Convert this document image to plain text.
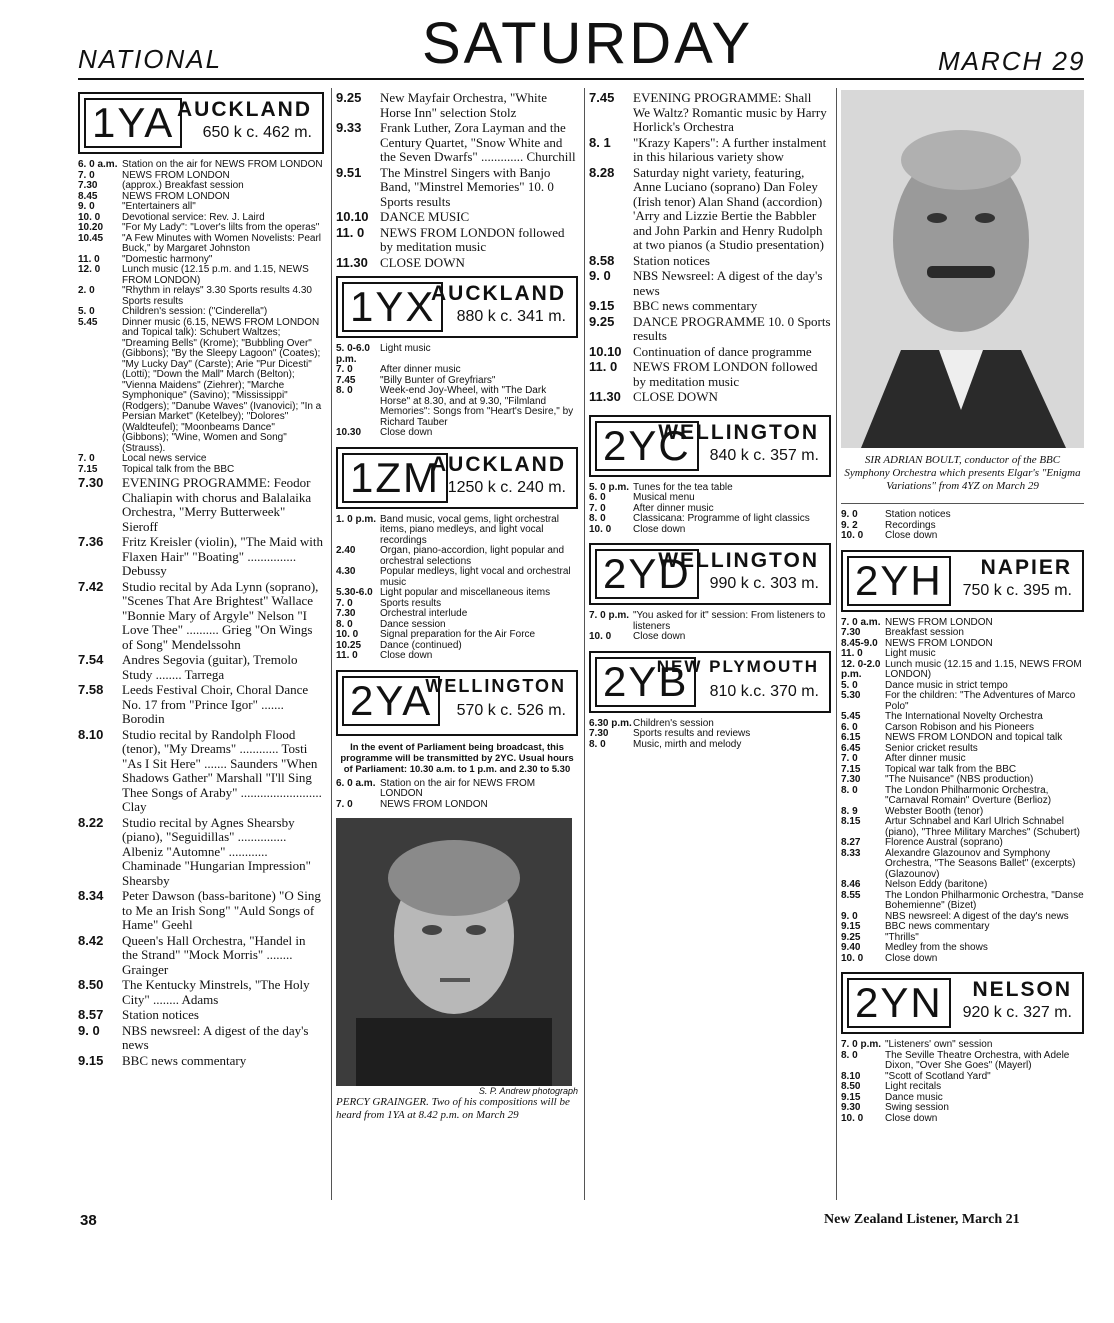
NATIONAL	SATURDAY	MARCH 29
1YA AUCKLAND
650 k c. 462 m.
6. 0 a.m. Station on the air for NEWS FROM LONDON
7. 0	NEWS FROM LONDON
7.30	(approx.) Breakfast session
8.45	NEWS FROM LONDON
9. 0	"Entertainers all"
10. 0	Devotional service: Rev. J. Laird
10.20	"For My Lady": "Lover's lilts from the operas"
10.45	"A Few Minutes with Women Novelists: Pearl Buck," by Margaret Johnston
11. 0	"Domestic harmony"
12. 0	Lunch music (12.15 p.m. and 1.15, NEWS FROM LONDON)
2. 0	"Rhythm in relays" 3.30 Sports results 4.30 Sports results
5. 0	Children's session: ("Cinderella")
5.45	Dinner music (6.15, NEWS FROM LONDON and Topical talk): Schubert Waltzes; "Dreaming Bells" (Krome); "Bubbling Over" (Gibbons); "By the Sleepy Lagoon" (Coates); "My Lucky Day" (Carste); Arie "Pur Dicesti" (Lotti); "Down the Mall" March (Belton); "Vienna Maidens" (Ziehrer); "Marche Symphonique" (Savino); "Mississippi" (Rodgers); "Danube Waves" (Ivanovici); "In a Persian Market" (Ketelbey); "Dolores" (Waldteufel); "Moonbeams Dance" (Gibbons); "Wine, Women and Song" (Strauss).
7. 0	Local news service
7.15	Topical talk from the BBC
7.30	EVENING PROGRAMME: Feodor Chaliapin with chorus and Balalaika Orchestra, "Merry Butterweek" Sieroff
7.36	Fritz Kreisler (violin), "The Maid with Flaxen Hair" "Boating" ............... Debussy
7.42	Studio recital by Ada Lynn (soprano), "Scenes That Are Brightest" Wallace "Bonnie Mary of Argyle" Nelson "I Love Thee" .......... Grieg "On Wings of Song" Mendelssohn
7.54	Andres Segovia (guitar), Tremolo Study ........ Tarrega
7.58	Leeds Festival Choir, Choral Dance No. 17 from "Prince Igor" ....... Borodin
8.10	Studio recital by Randolph Flood (tenor), "My Dreams" ............ Tosti "As I Sit Here" ....... Saunders "When Shadows Gather" Marshall "I'll Sing Thee Songs of Araby" ......................... Clay
8.22	Studio recital by Agnes Shearsby (piano), "Seguidillas" ............... Albeniz "Automne" ............ Chaminade "Hungarian Impression" Shearsby
8.34	Peter Dawson (bass-baritone) "O Sing to Me an Irish Song" "Auld Songs of Hame" Geehl
8.42	Queen's Hall Orchestra, "Handel in the Strand" "Mock Morris" ........ Grainger
8.50	The Kentucky Minstrels, "The Holy City" ........ Adams
8.57	Station notices
9. 0	NBS newsreel: A digest of the day's news
9.15	BBC news commentary
9.25	New Mayfair Orchestra, "White Horse Inn" selection Stolz
9.33	Frank Luther, Zora Layman and the Century Quartet, "Snow White and the Seven Dwarfs" ............. Churchill
9.51	The Minstrel Singers with Banjo Band, "Minstrel Memories" 10. 0 Sports results
10.10 DANCE MUSIC
11. 0	NEWS FROM LONDON followed by meditation music
11.30 CLOSE DOWN
1YX
AUCKLAND
880 k c. 341 m.
5. 0-6.0 p.m.
Light music
7. 0	After dinner music
7.45	"Billy Bunter of Greyfriars"
8. 0	Week-end Joy-Wheel, with "The Dark Horse" at 8.30, and at 9.30, "Filmland Memories": Songs from "Heart's Desire," by Richard Tauber
10.30	Close down
1ZM
AUCKLAND
1250 k c. 240 m.
1. 0 p.m. Band music, vocal gems, light orchestral items, piano medleys, and light vocal recordings
2.40	Organ, piano-accordion, light popular and orchestral selections
4.30	Popular medleys, light vocal and orchestral music
5.30-6.0 Light popular and miscellaneous items
7. 0	Sports results
7.30	Orchestral interlude
8. 0	Dance session
10. 0	Signal preparation for the Air Force
10.25	Dance (continued)
11. 0	Close down
2YA
WELLINGTON
570 k c. 526 m.
In the event of Parliament being broadcast, this programme will be transmitted by 2YC. Usual hours of Parliament: 10.30 a.m. to 1 p.m. and 2.30 to 5.30
6. 0 a.m. Station on the air for NEWS FROM LONDON
7. 0	NEWS FROM LONDON
S. P. Andrew photograph
PERCY GRAINGER. Two of his compositions will be heard from 1YA at 8.42 p.m. on March 29
7.45	EVENING PROGRAMME: Shall We Waltz? Romantic music by Harry Horlick's Orchestra
8. 1	"Krazy Kapers": A further instalment in this hilarious variety show
8.28	Saturday night variety, featuring, Anne Luciano (soprano) Dan Foley (Irish tenor) Alan Shand (accordion) 'Arry and Lizzie Bertie the Babbler and John Parkin and Henry Rudolph at two pianos (a Studio presentation)
8.58	Station notices
9. 0	NBS Newsreel: A digest of the day's news
9.15	BBC news commentary
9.25	DANCE PROGRAMME 10. 0 Sports results
10.10 Continuation of dance programme
11. 0	NEWS FROM LONDON followed by meditation music
11.30 CLOSE DOWN
2YC
WELLINGTON
840 k c. 357 m.
5. 0 p.m. Tunes for the tea table
6. 0	Musical menu
7. 0	After dinner music
8. 0	Classicana: Programme of light classics
10. 0	Close down
2YD
WELLINGTON
990 k c. 303 m.
7. 0 p.m. "You asked for it" session: From listeners to listeners
10. 0	Close down
2YB
NEW PLYMOUTH
810 k.c. 370 m.
6.30 p.m. Children's session
7.30	Sports results and reviews
8. 0	Music, mirth and melody
SIR ADRIAN BOULT, conductor of the BBC Symphony Orchestra which presents Elgar's "Enigma Variations" from 4YZ on March 29
9. 0	Station notices
9. 2	Recordings
10. 0	Close down
2YH	NAPIER
750 k c. 395 m.
7. 0 a.m. NEWS FROM LONDON
7.30	Breakfast session
8.45-9.0 NEWS FROM LONDON
11. 0	Light music
12. 0-2.0 p.m.
Lunch music (12.15 and 1.15, NEWS FROM LONDON)
5. 0	Dance music in strict tempo
5.30	For the children: "The Adventures of Marco Polo"
5.45	The International Novelty Orchestra
6. 0	Carson Robison and his Pioneers
6.15	NEWS FROM LONDON and topical talk
6.45	Senior cricket results
7. 0	After dinner music
7.15	Topical war talk from the BBC
7.30	"The Nuisance" (NBS production)
8. 0	The London Philharmonic Orchestra, "Carnaval Romain" Overture (Berlioz)
8. 9	Webster Booth (tenor)
8.15	Artur Schnabel and Karl Ulrich Schnabel (piano), "Three Military Marches" (Schubert)
8.27	Florence Austral (soprano)
8.33	Alexandre Glazounov and Symphony Orchestra, "The Seasons Ballet" (excerpts) (Glazounov)
8.46	Nelson Eddy (baritone)
8.55	The London Philharmonic Orchestra, "Danse Bohemienne" (Bizet)
9. 0	NBS newsreel: A digest of the day's news
9.15	BBC news commentary
9.25	"Thrills"
9.40	Medley from the shows
10. 0	Close down
2YN	NELSON
920 k c. 327 m.
7. 0 p.m. "Listeners' own" session
8. 0	The Seville Theatre Orchestra, with Adele Dixon, "Over She Goes" (Mayerl)
8.10	"Scott of Scotland Yard"
8.50	Light recitals
9.15	Dance music
9.30	Swing session
10. 0	Close down
38	New Zealand Listener, March 21
